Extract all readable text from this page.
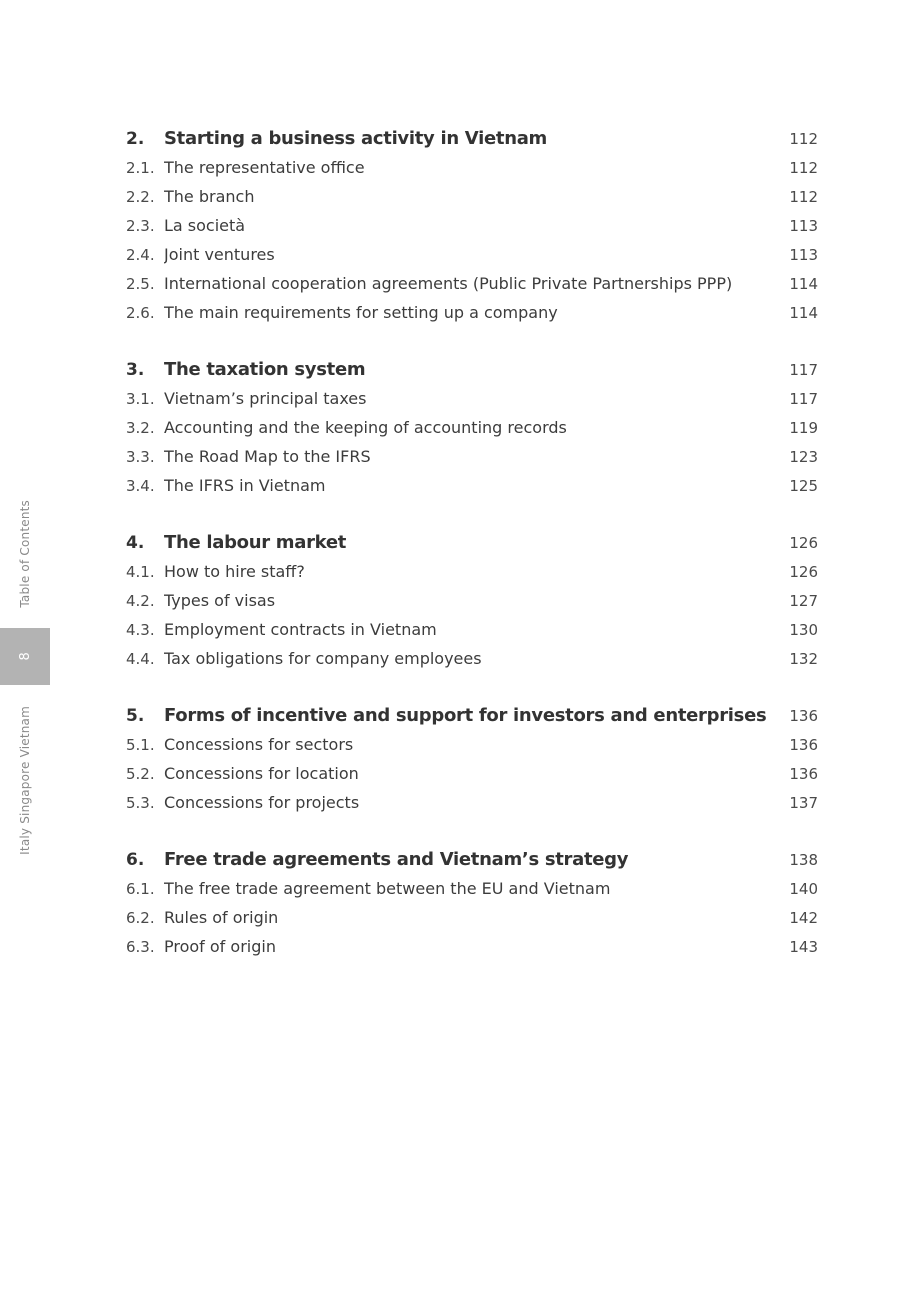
Table of Contents
8
Italy Singapore Vietnam
2.	Starting a business activity in Vietnam	112
2.1. The representative office	112
2.2. The branch	112
2.3. La società	113
2.4. Joint ventures	113
2.5. International cooperation agreements (Public Private Partnerships PPP)	114
2.6. The main requirements for setting up a company	114
3.	The taxation system	117
3.1. Vietnam’s principal taxes	117
3.2. Accounting and the keeping of accounting records	119
3.3. The Road Map to the IFRS	123
3.4. The IFRS in Vietnam	125
4.	The labour market	126
4.1. How to hire staff?	126
4.2. Types of visas	127
4.3. Employment contracts in Vietnam	130
4.4. Tax obligations for company employees	132
5.	Forms of incentive and support for investors and enterprises	136
5.1. Concessions for sectors	136
5.2. Concessions for location	136
5.3. Concessions for projects	137
6.	Free trade agreements and Vietnam’s strategy	138
6.1. The free trade agreement between the EU and Vietnam	140
6.2. Rules of origin	142
6.3. Proof of origin	143
